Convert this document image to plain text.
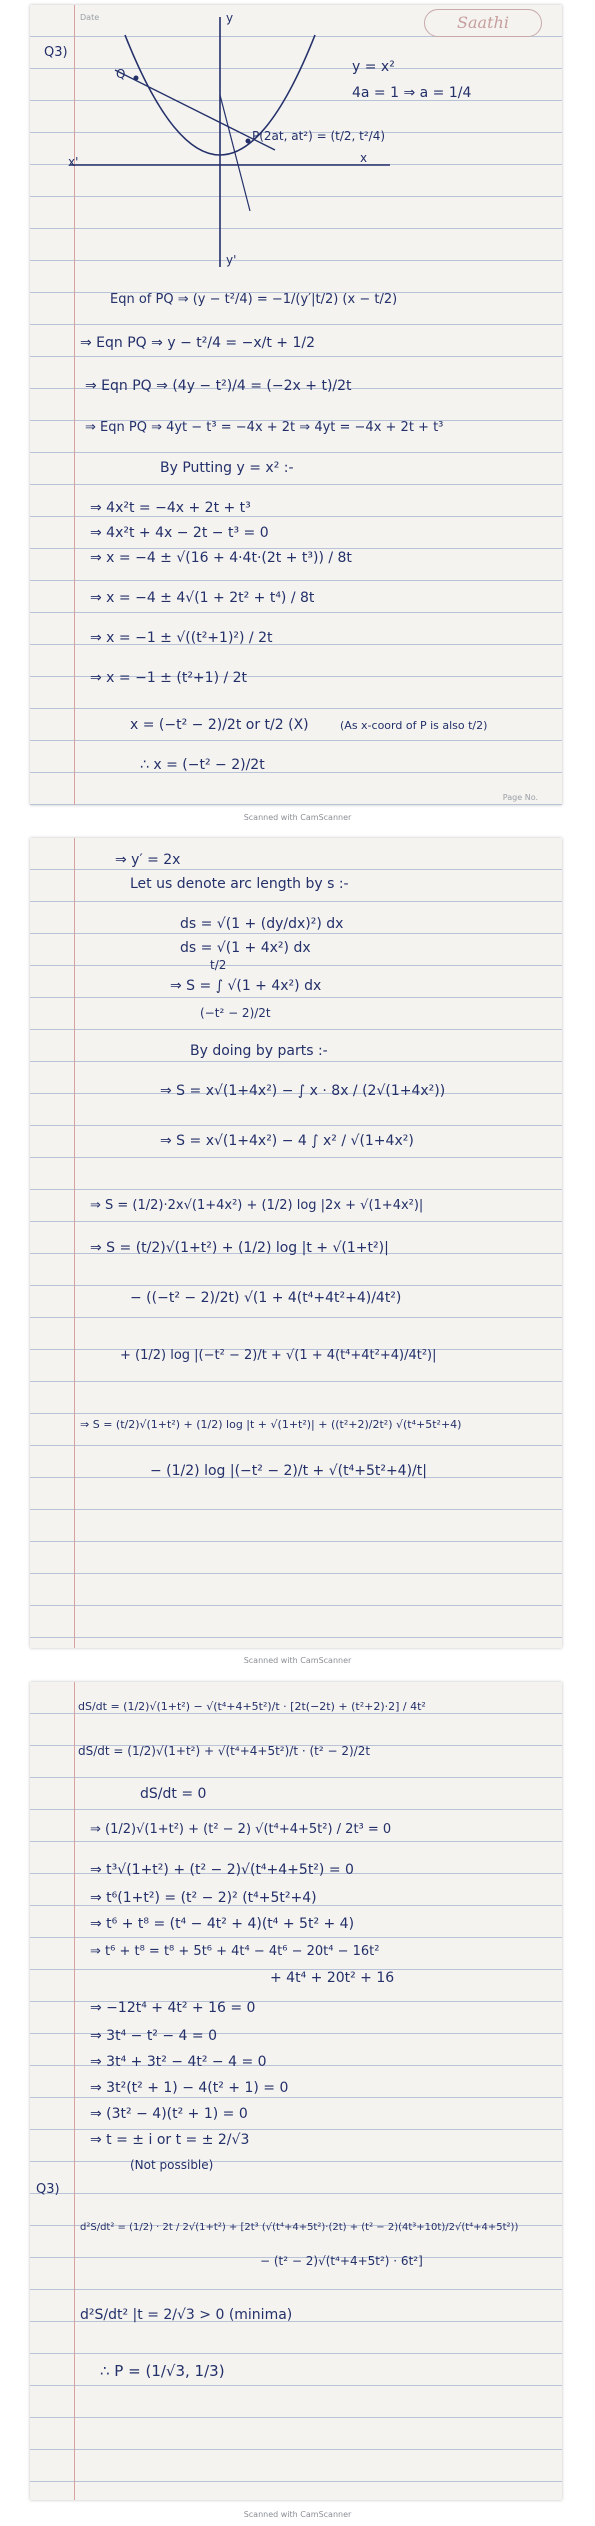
Date	Saathi
Q3)
y
x
x'
y'
Q
P(2at, at²) = (t/2, t²/4)
y = x²
4a = 1 ⇒ a = 1/4
Eqn of PQ ⇒ (y − t²/4) = −1/(y′|t/2) (x − t/2)
⇒ Eqn PQ ⇒ y − t²/4 = −x/t + 1/2
⇒ Eqn PQ ⇒ (4y − t²)/4 = (−2x + t)/2t
⇒ Eqn PQ ⇒ 4yt − t³ = −4x + 2t ⇒ 4yt = −4x + 2t + t³
By Putting y = x² :-
⇒ 4x²t = −4x + 2t + t³
⇒ 4x²t + 4x − 2t − t³ = 0
⇒ x = −4 ± √(16 + 4·4t·(2t + t³)) / 8t
⇒ x = −4 ± 4√(1 + 2t² + t⁴) / 8t
⇒ x = −1 ± √((t²+1)²) / 2t
⇒ x = −1 ± (t²+1) / 2t
x = (−t² − 2)/2t or t/2 (X)	(As x-coord of P is also t/2)
∴ x = (−t² − 2)/2t
Page No.
Scanned with CamScanner
⇒ y′ = 2x
Let us denote arc length by s :-
ds = √(1 + (dy/dx)²) dx
ds = √(1 + 4x²) dx
⇒ S = ∫ √(1 + 4x²) dx
t/2
(−t² − 2)/2t
By doing by parts :-
⇒ S = x√(1+4x²) − ∫ x · 8x / (2√(1+4x²))
⇒ S = x√(1+4x²) − 4 ∫ x² / √(1+4x²)
⇒ S = (1/2)·2x√(1+4x²) + (1/2) log |2x + √(1+4x²)|
⇒ S = (t/2)√(1+t²) + (1/2) log |t + √(1+t²)|
− ((−t² − 2)/2t) √(1 + 4(t⁴+4t²+4)/4t²)
+ (1/2) log |(−t² − 2)/t + √(1 + 4(t⁴+4t²+4)/4t²)|
⇒ S = (t/2)√(1+t²) + (1/2) log |t + √(1+t²)| + ((t²+2)/2t²) √(t⁴+5t²+4)
− (1/2) log |(−t² − 2)/t + √(t⁴+5t²+4)/t|
Scanned with CamScanner
dS/dt = (1/2)√(1+t²) − √(t⁴+4+5t²)/t · [2t(−2t) + (t²+2)·2] / 4t²
dS/dt = (1/2)√(1+t²) + √(t⁴+4+5t²)/t · (t² − 2)/2t
dS/dt = 0
⇒ (1/2)√(1+t²) + (t² − 2) √(t⁴+4+5t²) / 2t³ = 0
⇒ t³√(1+t²) + (t² − 2)√(t⁴+4+5t²) = 0
⇒ t⁶(1+t²) = (t² − 2)² (t⁴+5t²+4)
⇒ t⁶ + t⁸ = (t⁴ − 4t² + 4)(t⁴ + 5t² + 4)
⇒ t⁶ + t⁸ = t⁸ + 5t⁶ + 4t⁴ − 4t⁶ − 20t⁴ − 16t²
+ 4t⁴ + 20t² + 16
⇒ −12t⁴ + 4t² + 16 = 0
⇒ 3t⁴ − t² − 4 = 0
⇒ 3t⁴ + 3t² − 4t² − 4 = 0
⇒ 3t²(t² + 1) − 4(t² + 1) = 0
⇒ (3t² − 4)(t² + 1) = 0
⇒ t = ± i or t = ± 2/√3
(Not possible)
Q3)
d²S/dt² = (1/2) · 2t / 2√(1+t²) + [2t³ (√(t⁴+4+5t²)·(2t) + (t² − 2)(4t³+10t)/2√(t⁴+4+5t²))
− (t² − 2)√(t⁴+4+5t²) · 6t²]
d²S/dt² |t = 2/√3 > 0 (minima)
∴ P = (1/√3, 1/3)
Scanned with CamScanner
